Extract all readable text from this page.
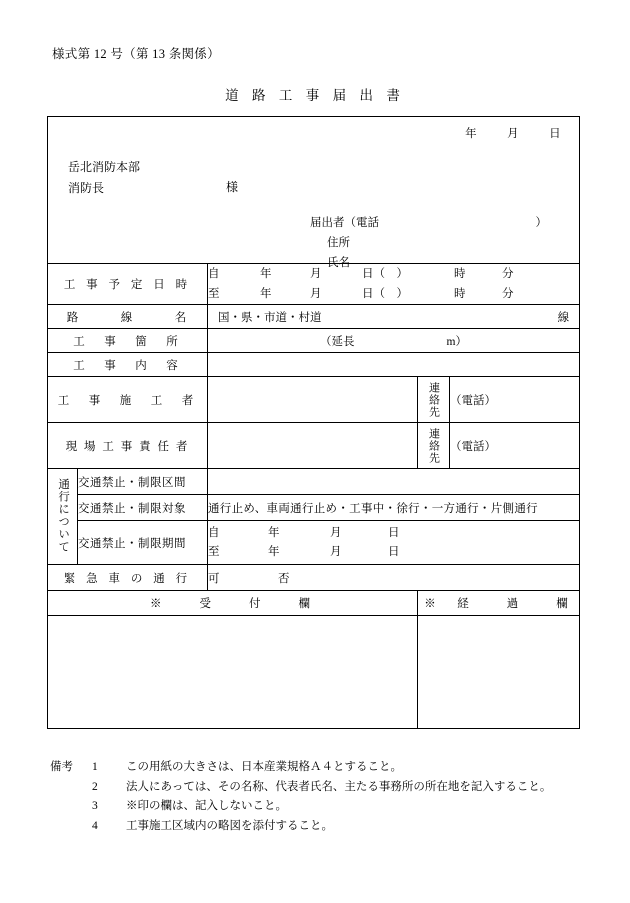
様式第 12 号（第 13 条関係）
道 路 工 事 届 出 書
年	月	日
岳北消防本部
消防長	様
届出者（電話	）
住所
氏名

工 事 予 定 日 時		自 年 月 日（　） 時 分
至 年 月 日（　） 時 分		

路　　　線　　　名		国・県・市道・村道 線		

工　事　箇　所		（延長　　　　　　　　m）		
工　事　内　容				
工　事　施　工　者			連絡先	（電話）
現 場 工 事 責 任 者			連絡先	（電話）
通行について	交通禁止・制限区間			
	交通禁止・制限対象	通行止め、車両通行止め・工事中・徐行・一方通行・片側通行		
	交通禁止・制限期間	自 年 月 日
至 年 月 日		

緊 急 車 の 通 行		可 否		
※　　受　　付　　欄			※　経　　過　　欄	

備考	1	この用紙の大きさは、日本産業規格Ａ４とすること。
2	法人にあっては、その名称、代表者氏名、主たる事務所の所在地を記入すること。
3	※印の欄は、記入しないこと。
4	工事施工区域内の略図を添付すること。
